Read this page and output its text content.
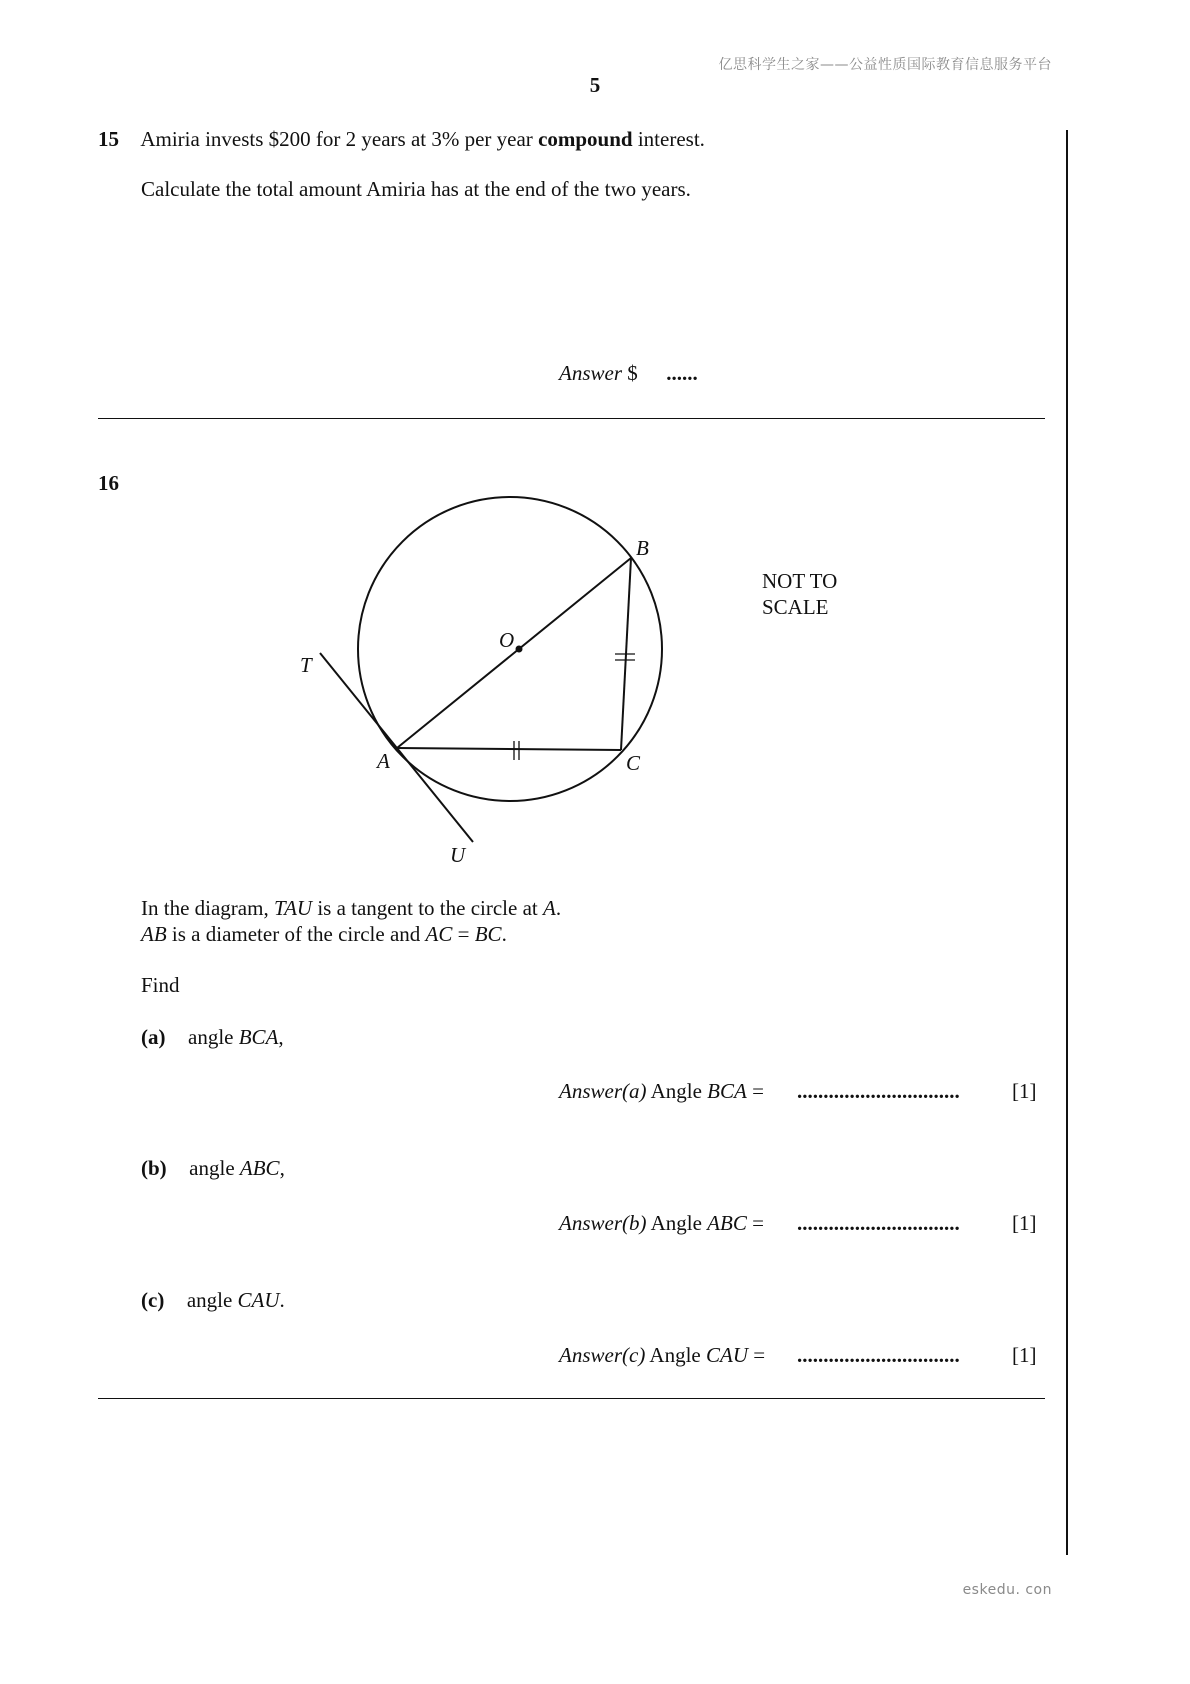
亿思科学生之家——公益性质国际教育信息服务平台
5
15 Amiria invests $200 for 2 years at 3% per year compound interest.
Calculate the total amount Amiria has at the end of the two years.
Answer $ ......
16
B
O
T
A	C
U
NOT TO
SCALE
In the diagram, TAU is a tangent to the circle at A.
AB is a diameter of the circle and AC = BC.
Find
(a) angle BCA,
Answer(a) Angle BCA = ............................... [1]
(b) angle ABC,
Answer(b) Angle ABC = ............................... [1]
(c) angle CAU.
Answer(c) Angle CAU = ............................... [1]
eskedu. con
